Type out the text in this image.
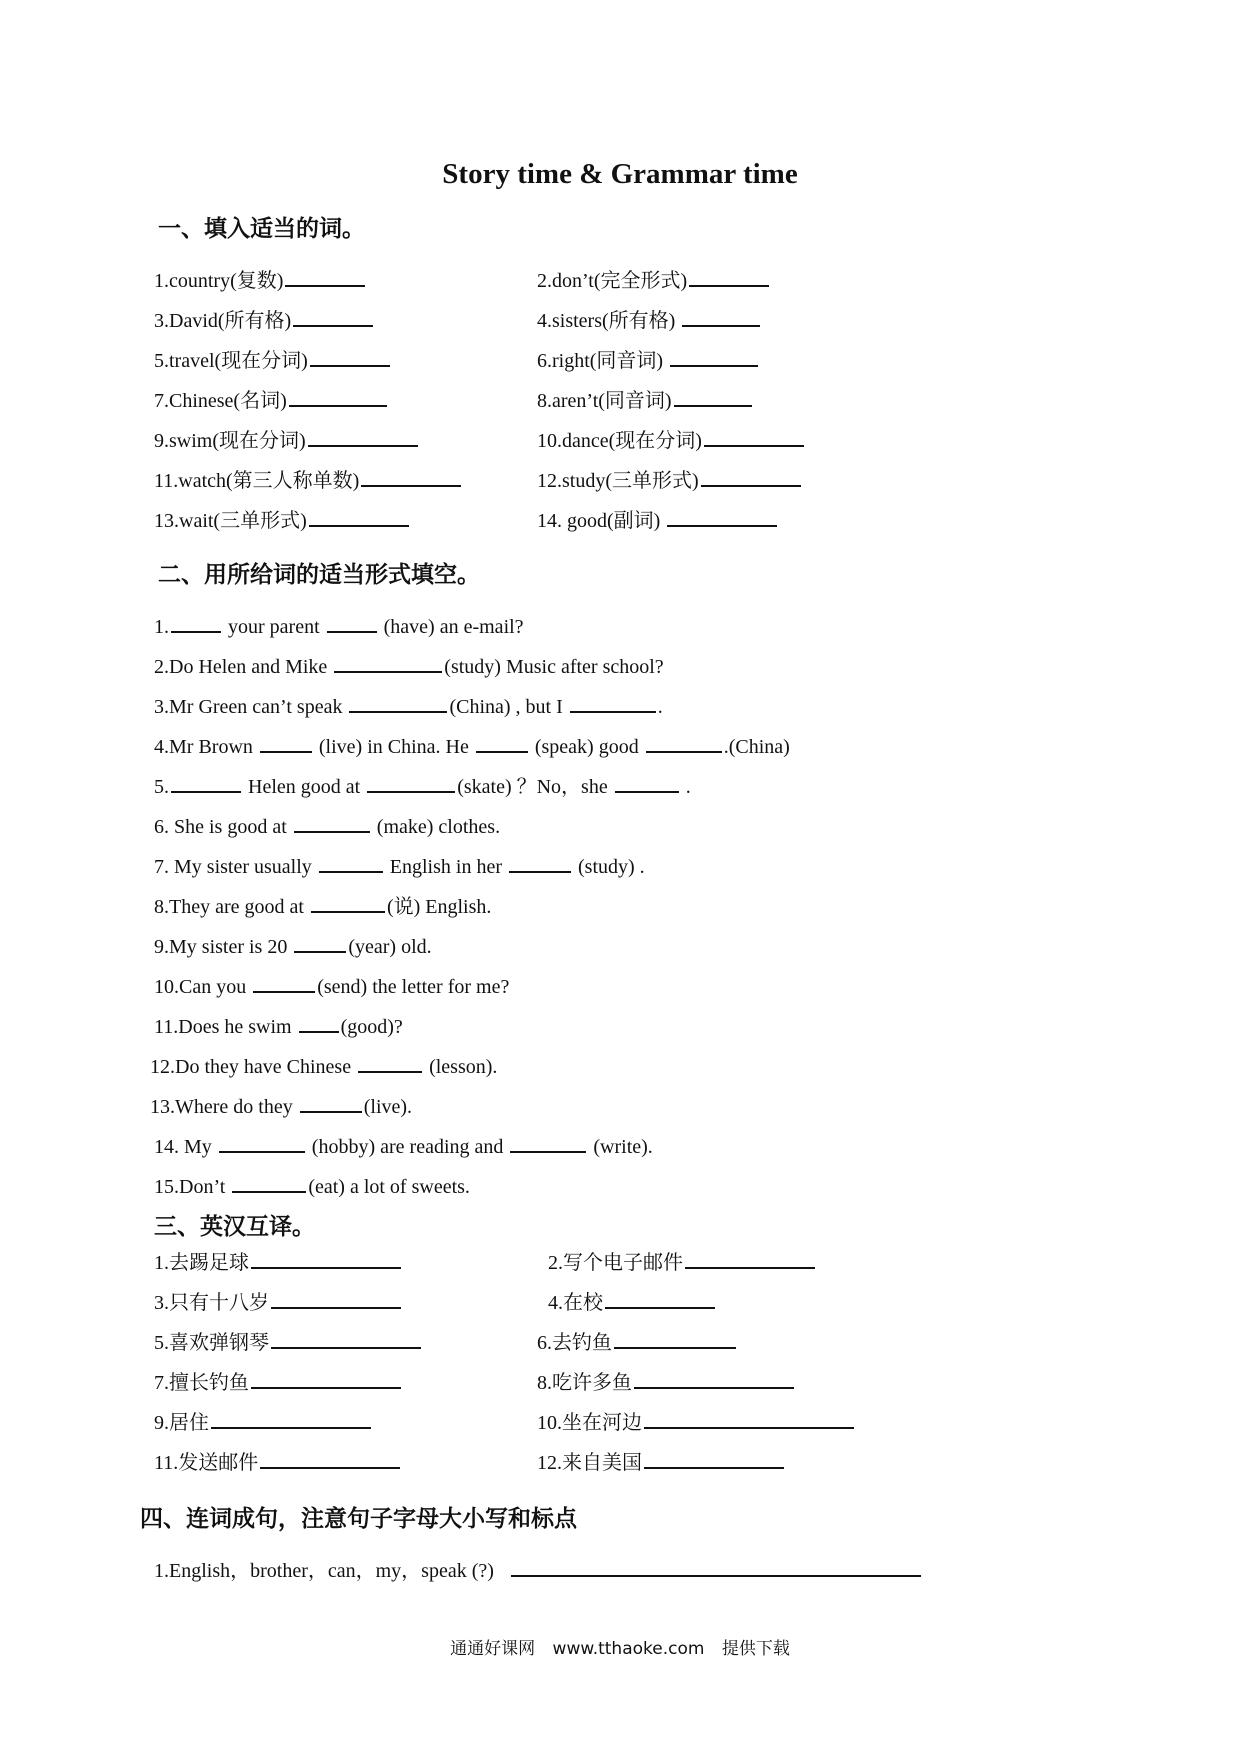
Story time & Grammar time
一、填入适当的词。
1.country(复数)	2.don’t(完全形式)
3.David(所有格)	4.sisters(所有格)
5.travel(现在分词)	6.right(同音词)
7.Chinese(名词)	8.aren’t(同音词)
9.swim(现在分词)	10.dance(现在分词)
11.watch(第三人称单数)	12.study(三单形式)
13.wait(三单形式)	14. good(副词)
二、用所给词的适当形式填空。
1.	your parent	(have) an e-mail?
2.Do Helen and Mike	(study) Music after school?
3.Mr Green can’t speak	(China) , but I	.
4.Mr Brown	(live) in China. He	(speak) good	.(China)
5.	Helen good at	(skate) ？No，she	.
6. She is good at	(make) clothes.
7. My sister usually	English in her	(study) .
8.They are good at	(说) English.
9.My sister is 20	(year) old.
10.Can you	(send) the letter for me?
11.Does he swim (good)?
12.Do they have Chinese	(lesson).
13.Where do they	(live).
14. My	(hobby) are reading and	(write).
15.Don’t	(eat) a lot of sweets.
三、英汉互译。
1.去踢足球	2.写个电子邮件
3.只有十八岁	4.在校
5.喜欢弹钢琴	6.去钓鱼
7.擅长钓鱼	8.吃许多鱼
9.居住	10.坐在河边
11.发送邮件	12.来自美国
四、连词成句，注意句子字母大小写和标点
1.English，brother，can，my，speak (?)
通通好课网 www.tthaoke.com 提供下载
